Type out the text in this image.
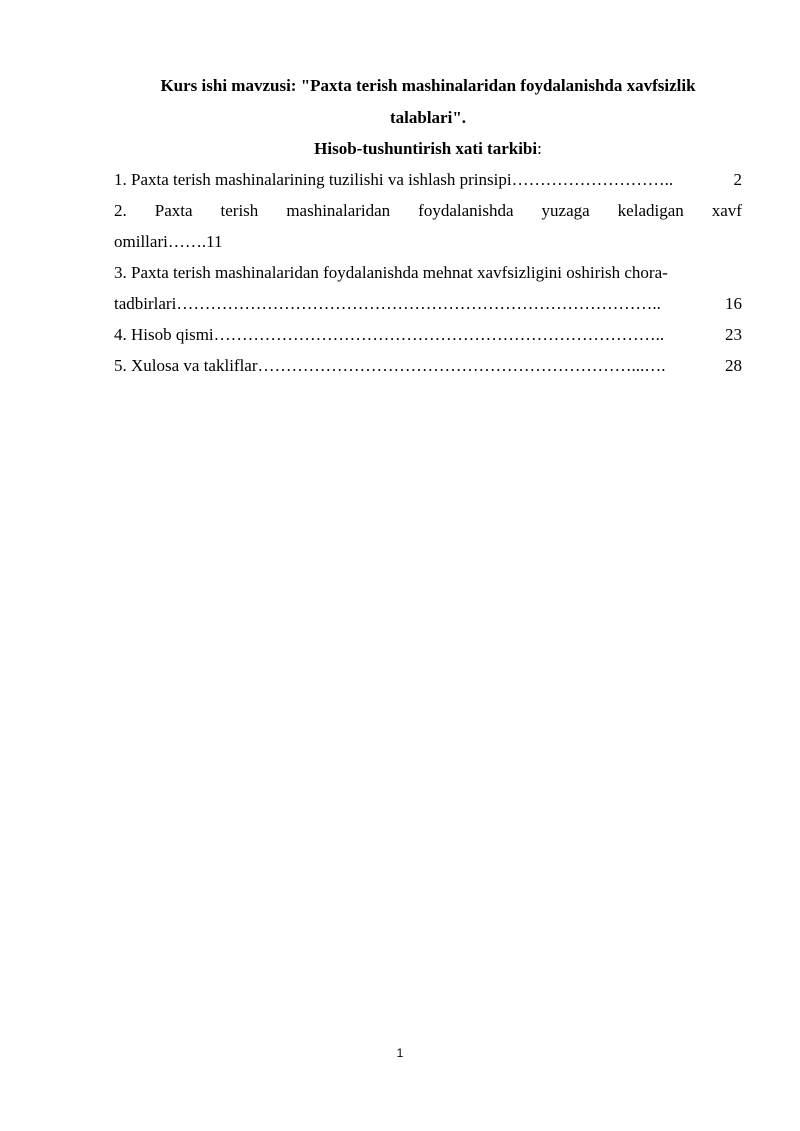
Kurs ishi mavzusi: "Paxta terish mashinalaridan foydalanishda xavfsizlik
talablari".

Hisob-tushuntirish xati tarkibi:

1. Paxta terish mashinalarining tuzilishi va ishlash prinsipi ………………………..	2
2. Paxta terish mashinalaridan foydalanishda yuzaga keladigan xavf
omillari ……. 11
3. Paxta terish mashinalaridan foydalanishda mehnat xavfsizligini oshirish chora-
tadbirlari …………………………………………………………………………..	16
4. Hisob qismi ……………………………………………………………………..	23
5. Xulosa va takliflar …………………………………………………………...….	28
1
